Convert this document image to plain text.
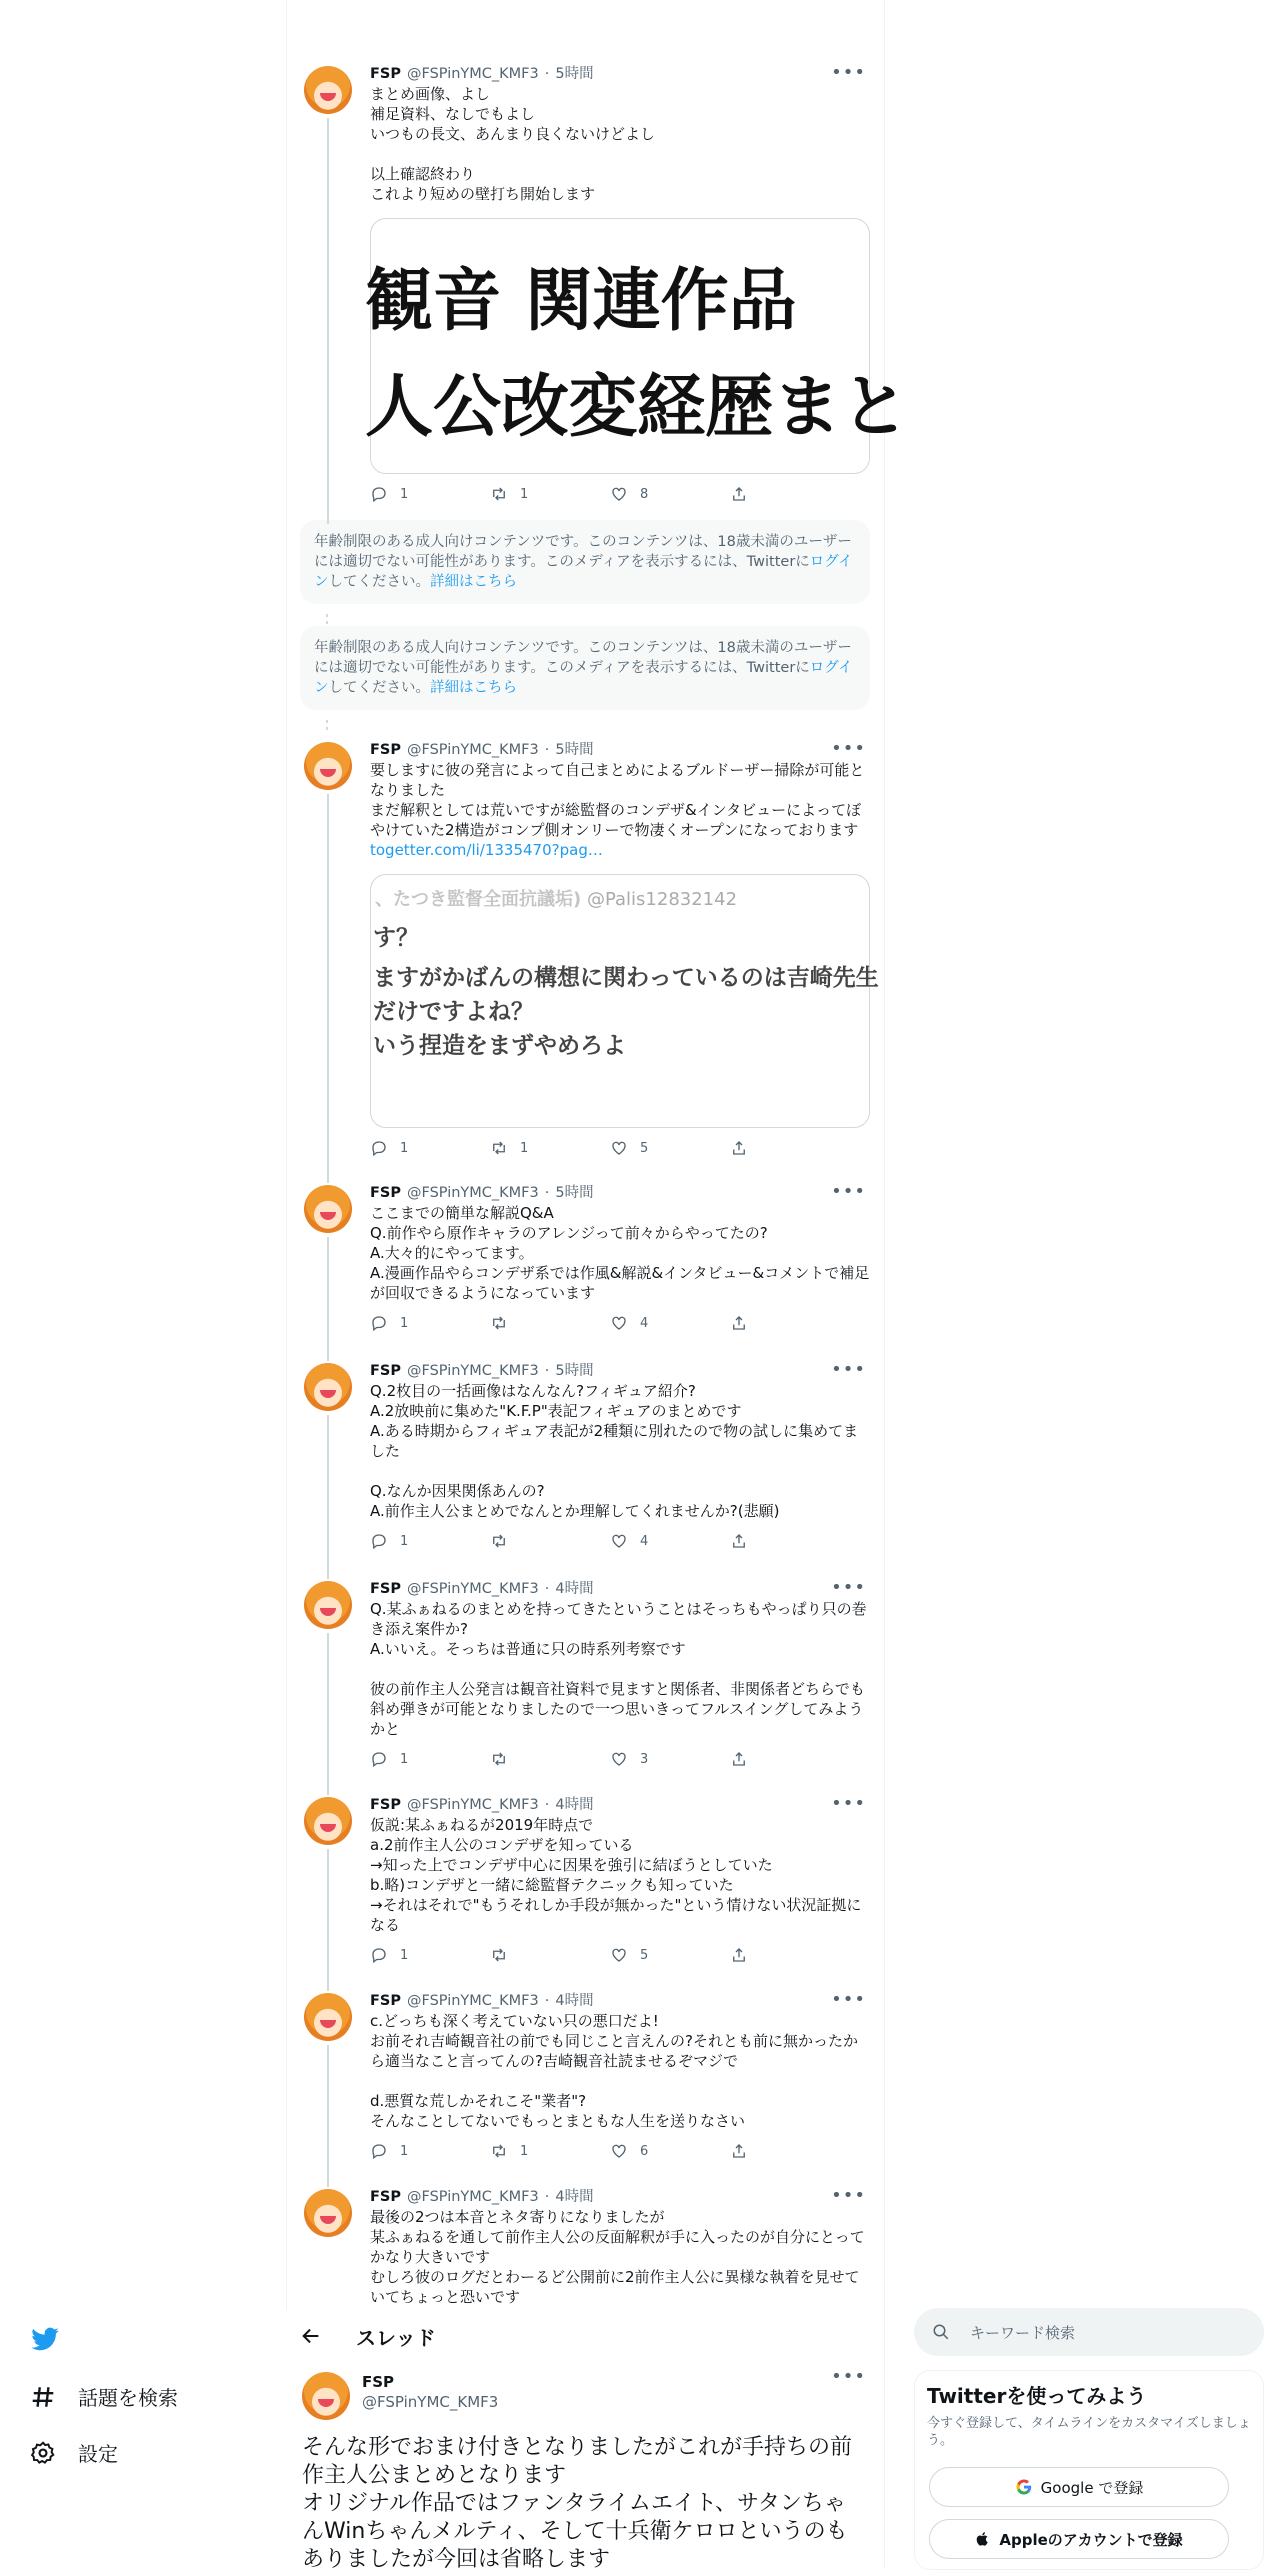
•••
FSP @FSPinYMC_KMF3 · 5時間
まとめ画像、よし
補足資料、なしでもよし
いつもの長文、あんまり良くないけどよし

以上確認終わり
これより短めの壁打ち開始します
観音 関連作品
人公改変経歴まと
1	1	8
年齢制限のある成人向けコンテンツです。このコンテンツは、18歳未満のユーザーには適切でない可能性があります。このメディアを表示するには、Twitterにログインしてください。詳細はこちら
年齢制限のある成人向けコンテンツです。このコンテンツは、18歳未満のユーザーには適切でない可能性があります。このメディアを表示するには、Twitterにログインしてください。詳細はこちら
•••
FSP @FSPinYMC_KMF3 · 5時間
要しますに彼の発言によって自己まとめによるブルドーザー掃除が可能となりました
まだ解釈としては荒いですが総監督のコンデザ&インタビューによってぼやけていた2構造がコンプ側オンリーで物凄くオープンになっております
togetter.com/li/1335470?pag…
、たつき監督全面抗議垢) @Palis12832142
す？
ますがかばんの構想に関わっているのは吉崎先生
だけですよね？
いう捏造をまずやめろよ
1	1	5
•••
FSP @FSPinYMC_KMF3 · 5時間
ここまでの簡単な解説Q&A
Q.前作やら原作キャラのアレンジって前々からやってたの?
A.大々的にやってます。
A.漫画作品やらコンデザ系では作風&解説&インタビュー&コメントで補足が回収できるようになっています
1	4
•••
FSP @FSPinYMC_KMF3 · 5時間
Q.2枚目の一括画像はなんなん?フィギュア紹介?
A.2放映前に集めた"K.F.P"表記フィギュアのまとめです
A.ある時期からフィギュア表記が2種類に別れたので物の試しに集めてました

Q.なんか因果関係あんの?
A.前作主人公まとめでなんとか理解してくれませんか?(悲願)
1	4
•••
FSP @FSPinYMC_KMF3 · 4時間
Q.某ふぁねるのまとめを持ってきたということはそっちもやっぱり只の巻き添え案件か?
A.いいえ。そっちは普通に只の時系列考察です

彼の前作主人公発言は観音社資料で見ますと関係者、非関係者どちらでも斜め弾きが可能となりましたので一つ思いきってフルスイングしてみようかと
1	3
•••
FSP @FSPinYMC_KMF3 · 4時間
仮説:某ふぁねるが2019年時点で
a.2前作主人公のコンデザを知っている
→知った上でコンデザ中心に因果を強引に結ぼうとしていた
b.略)コンデザと一緒に総監督テクニックも知っていた
→それはそれで"もうそれしか手段が無かった"という情けない状況証拠になる
1	5
•••
FSP @FSPinYMC_KMF3 · 4時間
c.どっちも深く考えていない只の悪口だよ!
お前それ吉崎観音社の前でも同じこと言えんの?それとも前に無かったから適当なこと言ってんの?吉崎観音社読ませるぞマジで

d.悪質な荒しかそれこそ"業者"?
そんなことしてないでもっとまともな人生を送りなさい
1	1	6
•••
FSP @FSPinYMC_KMF3 · 4時間
最後の2つは本音とネタ寄りになりましたが
某ふぁねるを通して前作主人公の反面解釈が手に入ったのが自分にとってかなり大きいです
むしろ彼のログだとわーるど公開前に2前作主人公に異様な執着を見せていてちょっと恐いです
話題を検索
設定
スレッド
FSP
@FSPinYMC_KMF3
•••
そんな形でおまけ付きとなりましたがこれが手持ちの前作主人公まとめとなります
オリジナル作品ではファンタライムエイト、サタンちゃんWinちゃんメルティ、そして十兵衛ケロロというのもありましたが今回は省略します
キーワード検索
Twitterを使ってみよう

今すぐ登録して、タイムラインをカスタマイズしましょう。

Google で登録
Appleのアカウントで登録
